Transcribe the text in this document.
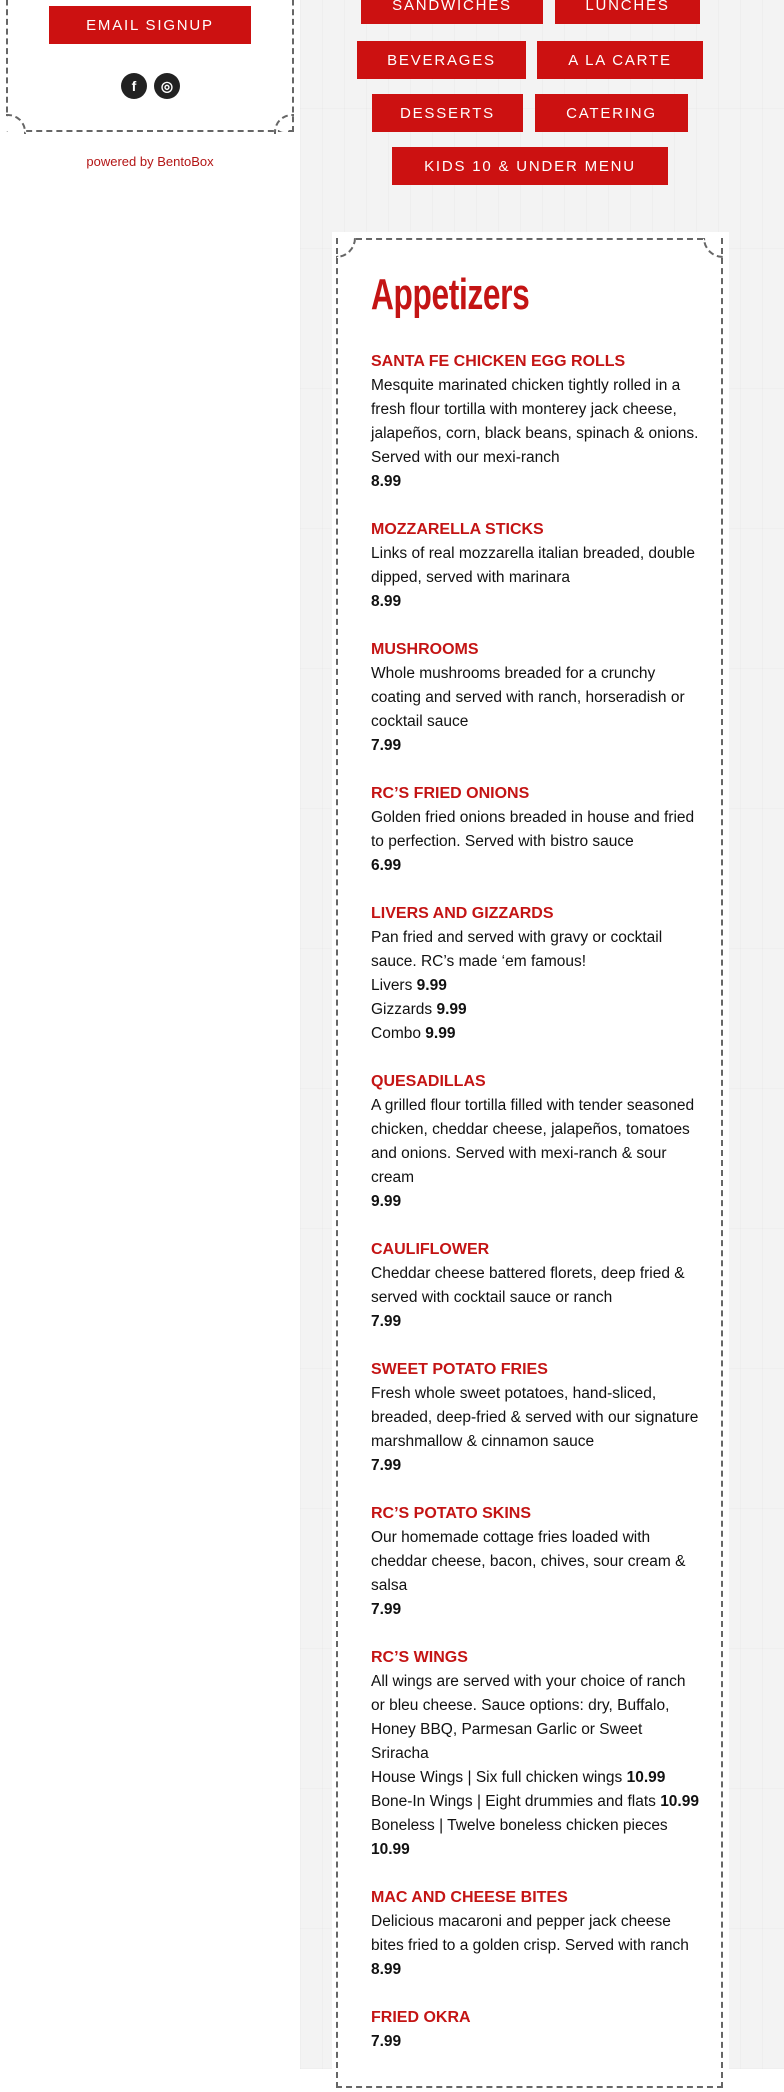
EMAIL SIGNUP
f	◎
powered by BentoBox
SANDWICHES	LUNCHES
BEVERAGES	A LA CARTE
DESSERTS	CATERING
KIDS 10 & UNDER MENU
Appetizers
SANTA FE CHICKEN EGG ROLLS
Mesquite marinated chicken tightly rolled in a fresh flour tortilla with monterey jack cheese, jalapeños, corn, black beans, spinach & onions. Served with our mexi-ranch
8.99
MOZZARELLA STICKS
Links of real mozzarella italian breaded, double dipped, served with marinara
8.99
MUSHROOMS
Whole mushrooms breaded for a crunchy coating and served with ranch, horseradish or cocktail sauce
7.99
RC’S FRIED ONIONS
Golden fried onions breaded in house and fried to perfection. Served with bistro sauce
6.99
LIVERS AND GIZZARDS
Pan fried and served with gravy or cocktail sauce. RC’s made ‘em famous!
Livers 9.99
Gizzards 9.99
Combo 9.99
QUESADILLAS
A grilled flour tortilla filled with tender seasoned chicken, cheddar cheese, jalapeños, tomatoes and onions. Served with mexi-ranch & sour cream
9.99
CAULIFLOWER
Cheddar cheese battered florets, deep fried & served with cocktail sauce or ranch
7.99
SWEET POTATO FRIES
Fresh whole sweet potatoes, hand-sliced, breaded, deep-fried & served with our signature marshmallow & cinnamon sauce
7.99
RC’S POTATO SKINS
Our homemade cottage fries loaded with cheddar cheese, bacon, chives, sour cream & salsa
7.99
RC’S WINGS
All wings are served with your choice of ranch or bleu cheese. Sauce options: dry, Buffalo, Honey BBQ, Parmesan Garlic or Sweet Sriracha
House Wings | Six full chicken wings 10.99
Bone-In Wings | Eight drummies and flats 10.99
Boneless | Twelve boneless chicken pieces 10.99
MAC AND CHEESE BITES
Delicious macaroni and pepper jack cheese bites fried to a golden crisp. Served with ranch
8.99
FRIED OKRA
7.99
